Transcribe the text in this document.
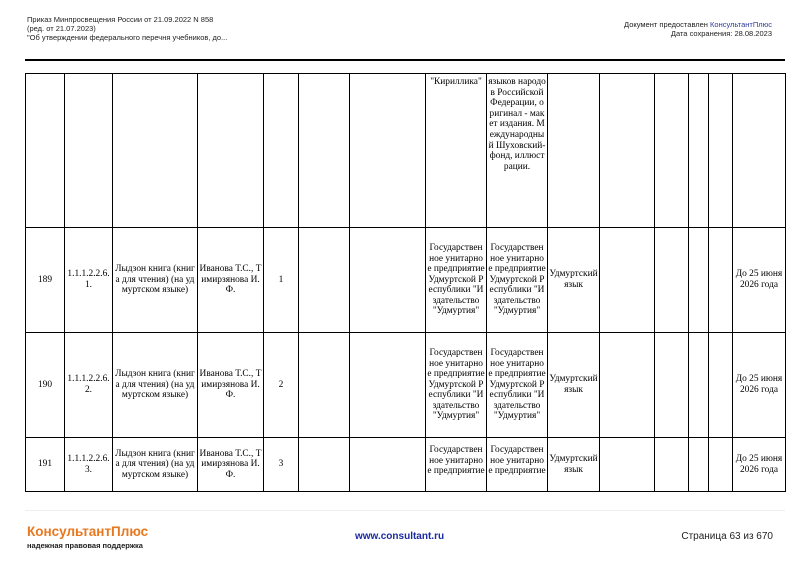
Приказ Минпросвещения России от 21.09.2022 N 858
(ред. от 21.07.2023)
"Об утверждении федерального перечня учебников, до...
Документ предоставлен КонсультантПлюс
Дата сохранения: 28.08.2023
							"Кириллика"	языков народов Российской Федерации, оригинал - макет издания. Международный Шуховский- фонд, иллюстрации.						
189	1.1.1.2.2.6.1.	Лыдзон книга (книга для чтения) (на удмуртском языке)	Иванова Т.С., Тимирзянова И.Ф.	1			Государственное унитарное предприятие Удмуртской Республики "Издательство "Удмуртия"	Государственное унитарное предприятие Удмуртской Республики "Издательство "Удмуртия"	Удмуртский язык					До 25 июня 2026 года
190	1.1.1.2.2.6.2.	Лыдзон книга (книга для чтения) (на удмуртском языке)	Иванова Т.С., Тимирзянова И.Ф.	2			Государственное унитарное предприятие Удмуртской Республики "Издательство "Удмуртия"	Государственное унитарное предприятие Удмуртской Республики "Издательство "Удмуртия"	Удмуртский язык					До 25 июня 2026 года
191	1.1.1.2.2.6.3.	Лыдзон книга (книга для чтения) (на удмуртском языке)	Иванова Т.С., Тимирзянова И.Ф.	3			Государственное унитарное предприятие	Государственное унитарное предприятие	Удмуртский язык					До 25 июня 2026 года
КонсультантПлюс
надежная правовая поддержка
www.consultant.ru	Страница 63 из 670
